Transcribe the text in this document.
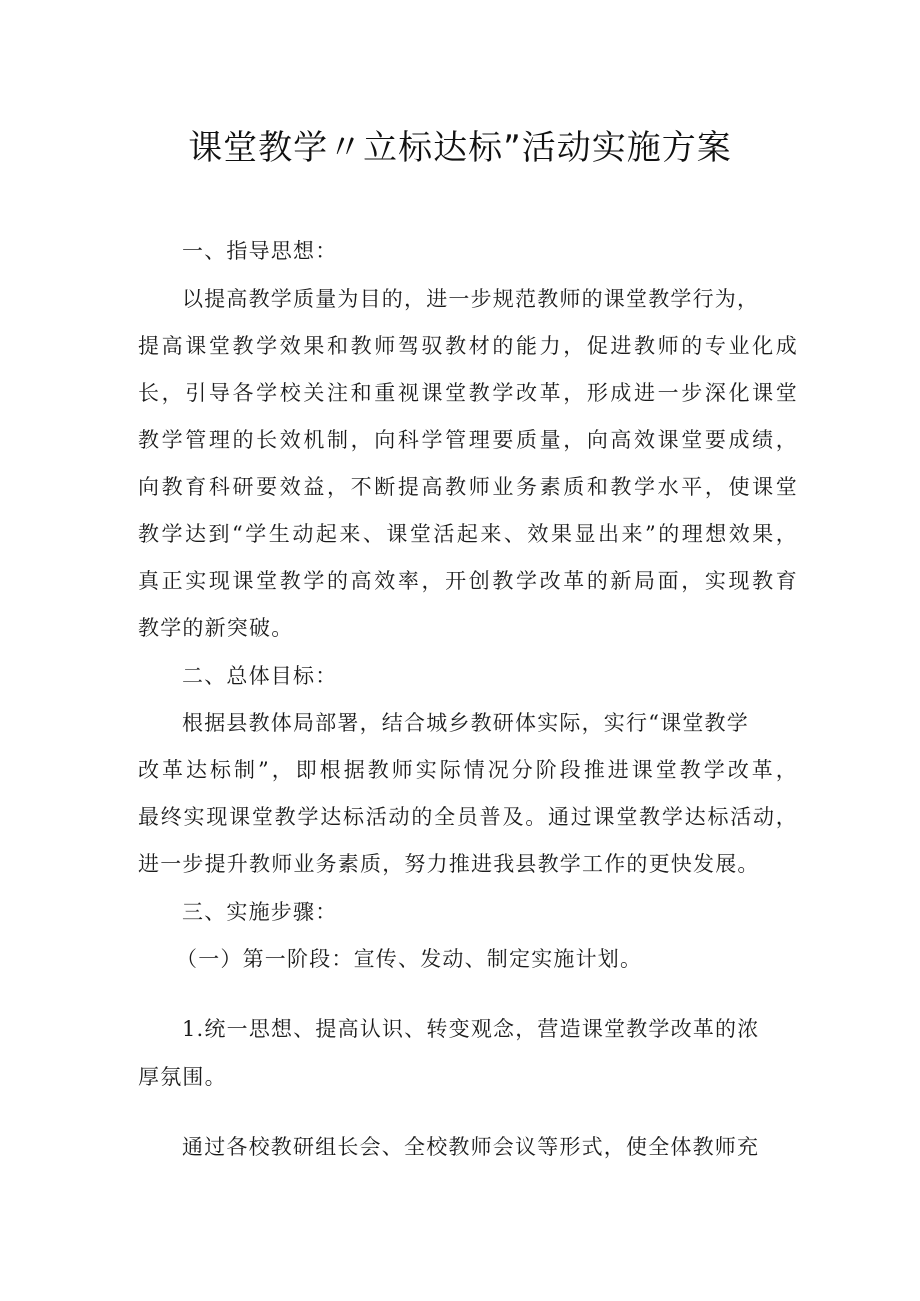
课堂教学〃立标达标”活动实施方案

一、指导思想：

以提高教学质量为目的，进一步规范教师的课堂教学行为，

提高课堂教学效果和教师驾驭教材的能力，促进教师的专业化成

长，引导各学校关注和重视课堂教学改革，形成进一步深化课堂

教学管理的长效机制，向科学管理要质量，向高效课堂要成绩，

向教育科研要效益，不断提高教师业务素质和教学水平，使课堂

教学达到“学生动起来、课堂活起来、效果显出来”的理想效果，

真正实现课堂教学的高效率，开创教学改革的新局面，实现教育

教学的新突破。

二、总体目标：

根据县教体局部署，结合城乡教研体实际，实行“课堂教学

改革达标制”，即根据教师实际情况分阶段推进课堂教学改革，

最终实现课堂教学达标活动的全员普及。通过课堂教学达标活动，

进一步提升教师业务素质，努力推进我县教学工作的更快发展。

三、实施步骤：

（一）第一阶段：宣传、发动、制定实施计划。

1.统一思想、提高认识、转变观念，营造课堂教学改革的浓

厚氛围。

通过各校教研组长会、全校教师会议等形式，使全体教师充
